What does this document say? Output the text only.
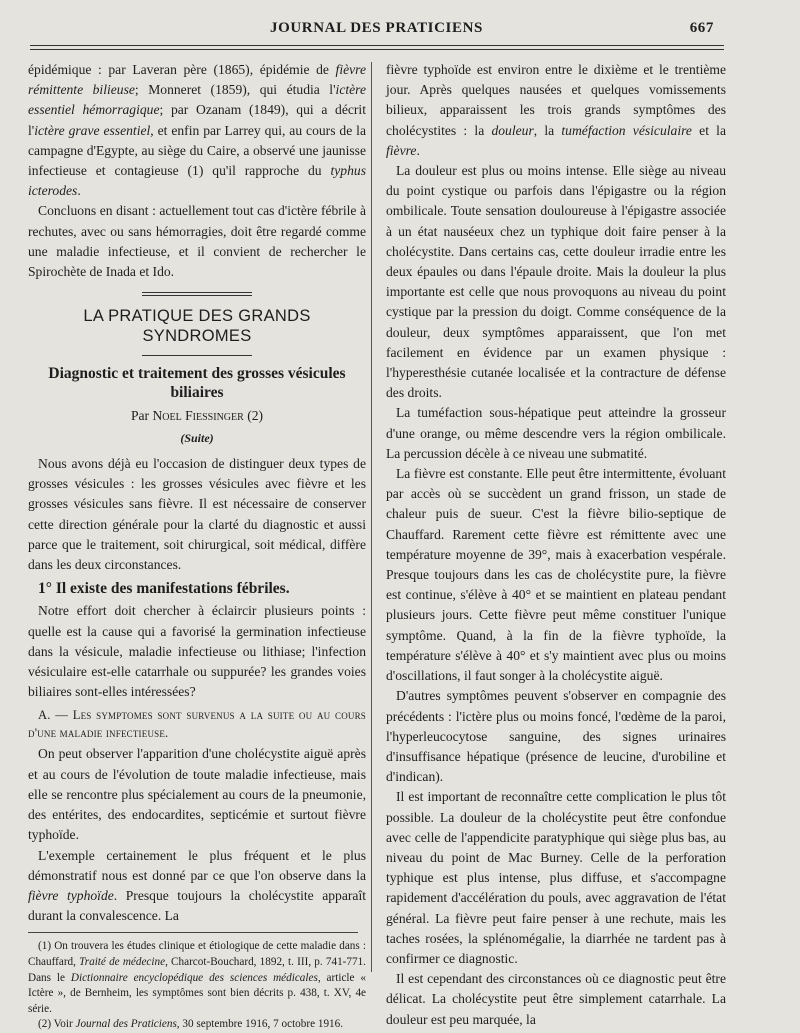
JOURNAL DES PRATICIENS	667

épidémique : par Laveran père (1865), épidémie de fièvre rémittente bilieuse; Monneret (1859), qui étudia l'ictère essentiel hémorragique; par Ozanam (1849), qui a décrit l'ictère grave essentiel, et enfin par Larrey qui, au cours de la campagne d'Egypte, au siège du Caire, a observé une jaunisse infectieuse et contagieuse (1) qu'il rapproche du typhus icterodes.

Concluons en disant : actuellement tout cas d'ictère fébrile à rechutes, avec ou sans hémorragies, doit être regardé comme une maladie infectieuse, et il convient de rechercher le Spirochète de Inada et Ido.

LA PRATIQUE DES GRANDS SYNDROMES
Diagnostic et traitement des grosses vésicules biliaires
Par Noel Fiessinger (2)
(Suite)

Nous avons déjà eu l'occasion de distinguer deux types de grosses vésicules : les grosses vésicules avec fièvre et les grosses vésicules sans fièvre. Il est nécessaire de conserver cette direction générale pour la clarté du diagnostic et aussi parce que le traitement, soit chirurgical, soit médical, diffère dans les deux circonstances.

1° Il existe des manifestations fébriles.

Notre effort doit chercher à éclaircir plusieurs points : quelle est la cause qui a favorisé la germination infectieuse dans la vésicule, maladie infectieuse ou lithiase; l'infection vésiculaire est-elle catarrhale ou suppurée? les grandes voies biliaires sont-elles intéressées?

A. — Les symptomes sont survenus a la suite ou au cours d'une maladie infectieuse.

On peut observer l'apparition d'une cholécystite aiguë après et au cours de l'évolution de toute maladie infectieuse, mais elle se rencontre plus spécialement au cours de la pneumonie, des entérites, des endocardites, septicémie et surtout fièvre typhoïde.

L'exemple certainement le plus fréquent et le plus démonstratif nous est donné par ce que l'on observe dans la fièvre typhoïde. Presque toujours la cholécystite apparaît durant la convalescence. La

(1) On trouvera les études clinique et étiologique de cette maladie dans : Chauffard, Traité de médecine, Charcot-Bouchard, 1892, t. III, p. 741-771. Dans le Dictionnaire encyclopédique des sciences médicales, article « Ictère », de Bernheim, les symptômes sont bien décrits p. 438, t. XV, 4e série.

(2) Voir Journal des Praticiens, 30 septembre 1916, 7 octobre 1916.

fièvre typhoïde est environ entre le dixième et le trentième jour. Après quelques nausées et quelques vomissements bilieux, apparaissent les trois grands symptômes des cholécystites : la douleur, la tuméfaction vésiculaire et la fièvre.

La douleur est plus ou moins intense. Elle siège au niveau du point cystique ou parfois dans l'épigastre ou la région ombilicale. Toute sensation douloureuse à l'épigastre associée à un état nauséeux chez un typhique doit faire penser à la cholécystite. Dans certains cas, cette douleur irradie entre les deux épaules ou dans l'épaule droite. Mais la douleur la plus importante est celle que nous provoquons au niveau du point cystique par la pression du doigt. Comme conséquence de la douleur, deux symptômes apparaissent, que l'on met facilement en évidence par un examen physique : l'hyperesthésie cutanée localisée et la contracture de défense des droits.

La tuméfaction sous-hépatique peut atteindre la grosseur d'une orange, ou même descendre vers la région ombilicale. La percussion décèle à ce niveau une submatité.

La fièvre est constante. Elle peut être intermittente, évoluant par accès où se succèdent un grand frisson, un stade de chaleur puis de sueur. C'est la fièvre bilio-septique de Chauffard. Rarement cette fièvre est rémittente avec une température moyenne de 39°, mais à exacerbation vespérale. Presque toujours dans les cas de cholécystite pure, la fièvre est continue, s'élève à 40° et se maintient en plateau pendant plusieurs jours. Cette fièvre peut même constituer l'unique symptôme. Quand, à la fin de la fièvre typhoïde, la température s'élève à 40° et s'y maintient avec plus ou moins d'oscillations, il faut songer à la cholécystite aiguë.

D'autres symptômes peuvent s'observer en compagnie des précédents : l'ictère plus ou moins foncé, l'œdème de la paroi, l'hyperleucocytose sanguine, des signes urinaires d'insuffisance hépatique (présence de leucine, d'urobiline et d'indican).

Il est important de reconnaître cette complication le plus tôt possible. La douleur de la cholécystite peut être confondue avec celle de l'appendicite paratyphique qui siège plus bas, au niveau du point de Mac Burney. Celle de la perforation typhique est plus intense, plus diffuse, et s'accompagne rapidement d'accélération du pouls, avec aggravation de l'état général. La fièvre peut faire penser à une rechute, mais les taches rosées, la splénomégalie, la diarrhée ne tardent pas à confirmer ce diagnostic.

Il est cependant des circonstances où ce diagnostic peut être délicat. La cholécystite peut être simplement catarrhale. La douleur est peu marquée, la
